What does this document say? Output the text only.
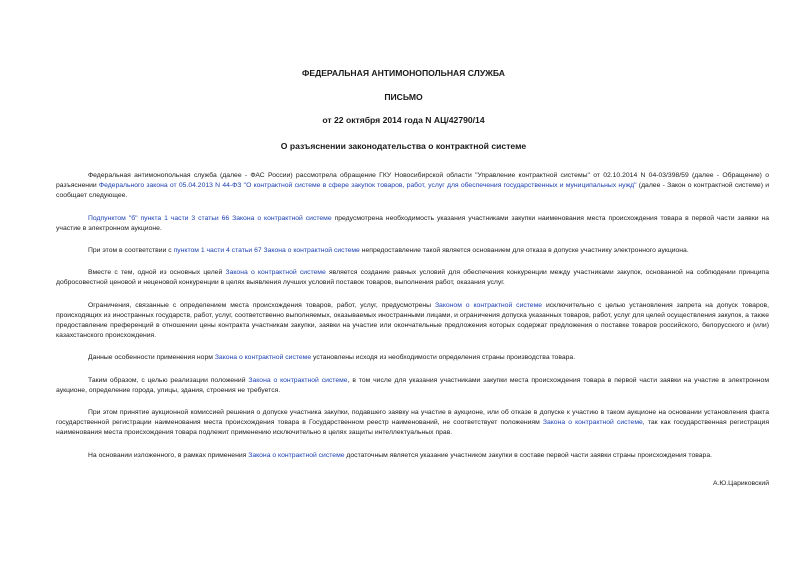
ФЕДЕРАЛЬНАЯ АНТИМОНОПОЛЬНАЯ СЛУЖБА
ПИСЬМО
от 22 октября 2014 года N АЦ/42790/14
О разъяснении законодательства о контрактной системе

Федеральная антимонопольная служба (далее - ФАС России) рассмотрела обращение ГКУ Новосибирской области "Управление контрактной системы" от 02.10.2014 N 04-03/398/59 (далее - Обращение) о разъяснении Федерального закона от 05.04.2013 N 44-ФЗ "О контрактной системе в сфере закупок товаров, работ, услуг для обеспечения государственных и муниципальных нужд" (далее - Закон о контрактной системе) и сообщает следующее.

Подпунктом "б" пункта 1 части 3 статьи 66 Закона о контрактной системе предусмотрена необходимость указания участниками закупки наименования места происхождения товара в первой части заявки на участие в электронном аукционе.

При этом в соответствии с пунктом 1 части 4 статьи 67 Закона о контрактной системе непредоставление такой является основанием для отказа в допуске участнику электронного аукциона.

Вместе с тем, одной из основных целей Закона о контрактной системе является создание равных условий для обеспечения конкуренции между участниками закупок, основанной на соблюдении принципа добросовестной ценовой и неценовой конкуренции в целях выявления лучших условий поставок товаров, выполнения работ, оказания услуг.

Ограничения, связанные с определением места происхождения товаров, работ, услуг, предусмотрены Законом о контрактной системе исключительно с целью установления запрета на допуск товаров, происходящих из иностранных государств, работ, услуг, соответственно выполняемых, оказываемых иностранными лицами, и ограничения допуска указанных товаров, работ, услуг для целей осуществления закупок, а также предоставление преференций в отношении цены контракта участникам закупки, заявки на участие или окончательные предложения которых содержат предложения о поставке товаров российского, белорусского и (или) казахстанского происхождения.

Данные особенности применения норм Закона о контрактной системе установлены исходя из необходимости определения страны производства товара.

Таким образом, с целью реализации положений Закона о контрактной системе, в том числе для указания участниками закупки места происхождения товара в первой части заявки на участие в электронном аукционе, определение города, улицы, здания, строения не требуется.

При этом принятие аукционной комиссией решения о допуске участника закупки, подавшего заявку на участие в аукционе, или об отказе в допуске к участию в таком аукционе на основании установления факта государственной регистрации наименования места происхождения товара в Государственном реестр наименований, не соответствует положениям Закона о контрактной системе, так как государственная регистрация наименования места происхождения товара подлежит применению исключительно в целях защиты интеллектуальных прав.

На основании изложенного, в рамках применения Закона о контрактной системе достаточным является указание участником закупки в составе первой части заявки страны происхождения товара.

А.Ю.Цариковский
